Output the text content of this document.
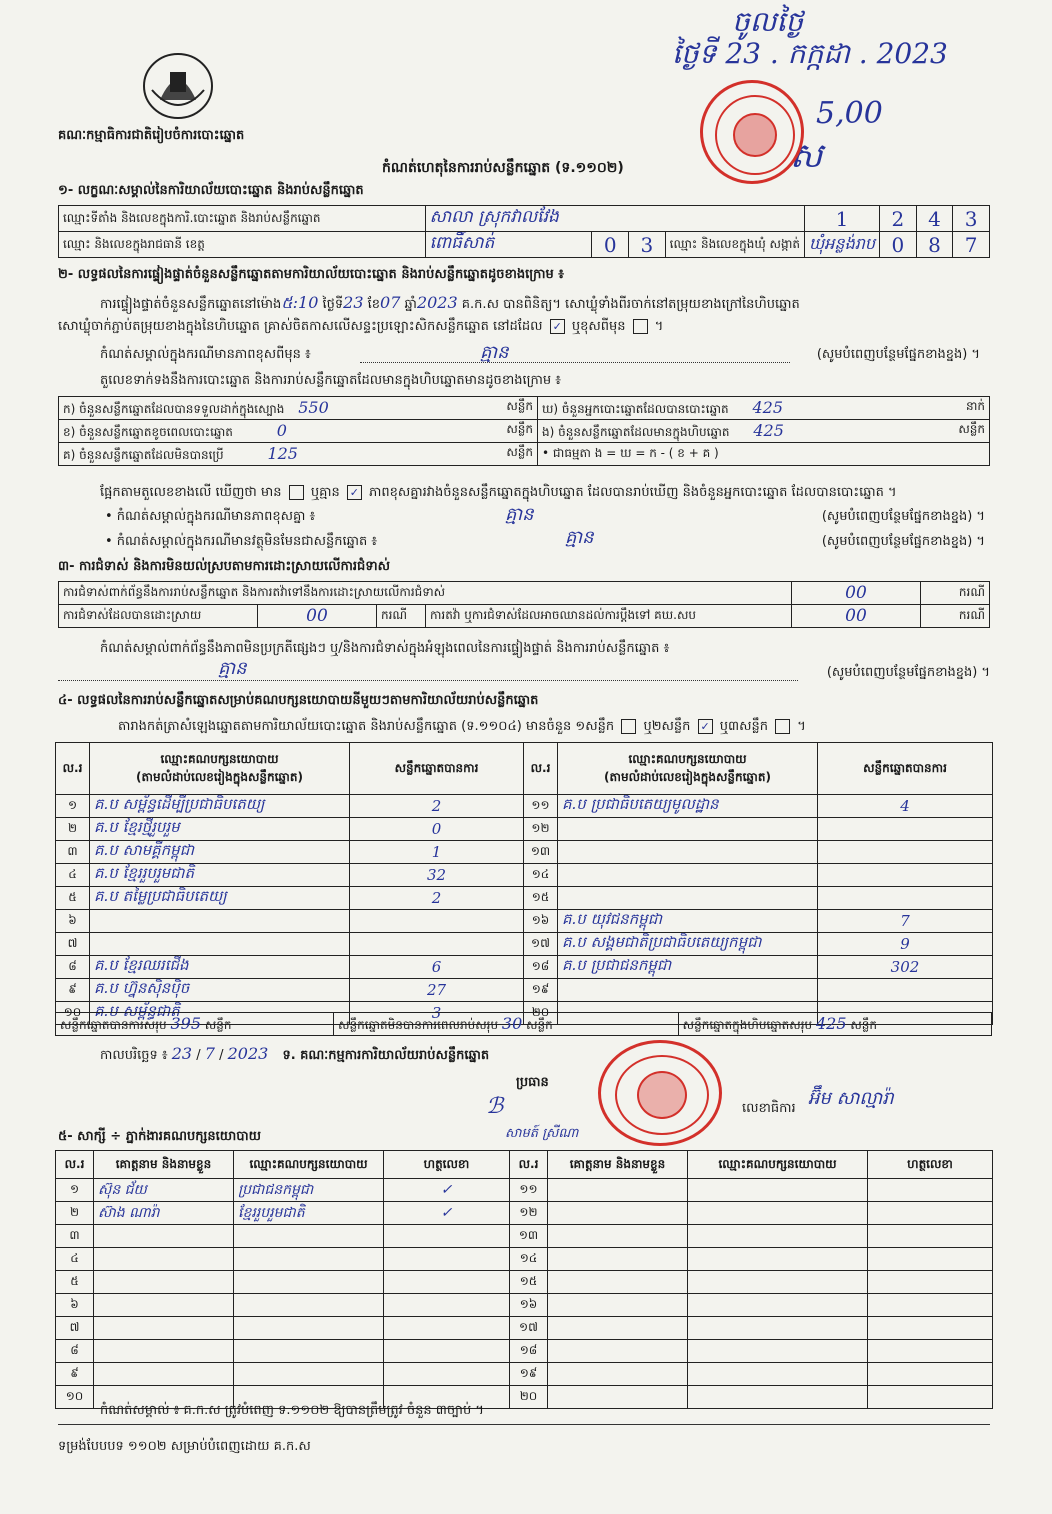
គណៈកម្មាធិការជាតិរៀបចំការបោះឆ្នោត
ចូលថ្ងៃ
ថ្ងៃទី 23 . កក្កដា . 2023
5,00
ស
កំណត់ហេតុនៃការរាប់សន្លឹកឆ្នោត (ទ.១១០២)
១- លក្ខណៈសម្គាល់នៃការិយាល័យបោះឆ្នោត និងរាប់សន្លឹកឆ្នោត
ឈ្មោះទីតាំង និងលេខក្នុងការិ.បោះឆ្នោត និងរាប់សន្លឹកឆ្នោត	សាលា ស្រុកវាលវែង				1	2	4	3
ឈ្មោះ និងលេខក្នុងរាជធានី ខេត្ត	ពោធិ៍សាត់	0	3	ឈ្មោះ និងលេខក្នុងឃុំ សង្កាត់	ឃុំអន្លង់រាប	0	8	7
២- លទ្ធផលនៃការផ្ទៀងផ្ទាត់ចំនួនសន្លឹកឆ្នោតតាមការិយាល័យបោះឆ្នោត និងរាប់សន្លឹកឆ្នោតដូចខាងក្រោម ៖
ការផ្ទៀងផ្ទាត់ចំនួនសន្លឹកឆ្នោតនៅម៉ោង៥:10 ថ្ងៃទី23 ខែ07 ឆ្នាំ2023 គ.ក.ស បានពិនិត្យ។ សោឃ្លុំទាំងពីរចាក់នៅតម្រុយខាងក្រៅនៃហិបឆ្នោត
សោឃ្លុំចាក់ភ្ជាប់តម្រុយខាងក្នុងនៃហិបឆ្នោត គ្រាស់ចិតកាសលើសន្ទះប្រឡោះសិកសន្លឹកឆ្នោត នៅដដែល ✓ ឬខុសពីមុន  ។
កំណត់សម្គាល់ក្នុងករណីមានភាពខុសពីមុន ៖	គ្មាន	(សូមបំពេញបន្ថែមផ្នែកខាងខ្នង) ។
តួលេខទាក់ទងនឹងការបោះឆ្នោត និងការរាប់សន្លឹកឆ្នោតដែលមានក្នុងហិបឆ្នោតមានដូចខាងក្រោម ៖
ក) ចំនួនសន្លឹកឆ្នោតដែលបានទទួលដាក់ក្នុងស្បោង 550 សន្លឹក	ឃ) ចំនួនអ្នកបោះឆ្នោតដែលបានបោះឆ្នោត 425 នាក់

ខ) ចំនួនសន្លឹកឆ្នោតខូចពេលបោះឆ្នោត 0 សន្លឹក	ង) ចំនួនសន្លឹកឆ្នោតដែលមានក្នុងហិបឆ្នោត 425 សន្លឹក

គ) ចំនួនសន្លឹកឆ្នោតដែលមិនបានប្រើ 125 សន្លឹក	• ជាធម្មតា ង = ឃ = ក - ( ខ + គ )
ផ្អែកតាមតួលេខខាងលើ ឃើញថា មាន ឬគ្មាន ✓ ភាពខុសគ្នារវាងចំនួនសន្លឹកឆ្នោតក្នុងហិបឆ្នោត ដែលបានរាប់ឃើញ និងចំនួនអ្នកបោះឆ្នោត ដែលបានបោះឆ្នោត ។
• កំណត់សម្គាល់ក្នុងករណីមានភាពខុសគ្នា ៖	គ្មាន	(សូមបំពេញបន្ថែមផ្នែកខាងខ្នង) ។
• កំណត់សម្គាល់ក្នុងករណីមានវត្ថុមិនមែនជាសន្លឹកឆ្នោត ៖	គ្មាន	(សូមបំពេញបន្ថែមផ្នែកខាងខ្នង) ។
៣- ការជំទាស់ និងការមិនយល់ស្របតាមការដោះស្រាយលើការជំទាស់
ការជំទាស់ពាក់ព័ន្ធនឹងការរាប់សន្លឹកឆ្នោត និងការតវ៉ាទៅនឹងការដោះស្រាយលើការជំទាស់				00	ករណី
ការជំទាស់ដែលបានដោះស្រាយ	00	ករណី	ការតវ៉ា ឬការជំទាស់ដែលអាចឈានដល់ការប្ដឹងទៅ គឃ.សប	00	ករណី
កំណត់សម្គាល់ពាក់ព័ន្ធនឹងភាពមិនប្រក្រតីផ្សេងៗ ឬ/និងការជំទាស់ក្នុងអំឡុងពេលនៃការផ្ទៀងផ្ទាត់ និងការរាប់សន្លឹកឆ្នោត ៖
គ្មាន	(សូមបំពេញបន្ថែមផ្នែកខាងខ្នង) ។
៤- លទ្ធផលនៃការរាប់សន្លឹកឆ្នោតសម្រាប់គណបក្សនយោបាយនីមួយៗតាមការិយាល័យរាប់សន្លឹកឆ្នោត
តារាងកត់ត្រាសំឡេងឆ្នោតតាមការិយាល័យបោះឆ្នោត និងរាប់សន្លឹកឆ្នោត (ទ.១១០៤) មានចំនួន ១សន្លឹក ឬ២សន្លឹក ✓ ឬ៣សន្លឹក  ។
ល.រ	ឈ្មោះគណបក្សនយោបាយ
(តាមលំដាប់លេខរៀងក្នុងសន្លឹកឆ្នោត)	សន្លឹកឆ្នោតបានការ	ល.រ	ឈ្មោះគណបក្សនយោបាយ
(តាមលំដាប់លេខរៀងក្នុងសន្លឹកឆ្នោត)	សន្លឹកឆ្នោតបានការ
១	គ.ប សម្ព័ន្ធដើម្បីប្រជាធិបតេយ្យ	2	១១	គ.ប ប្រជាធិបតេយ្យមូលដ្ឋាន	4
២	គ.ប ខ្មែរថ្មីរួបរួម	0	១២		
៣	គ.ប សាមគ្គីកម្ពុជា	1	១៣		
៤	គ.ប ខ្មែររួបរួមជាតិ	32	១៤		
៥	គ.ប តម្លៃប្រជាធិបតេយ្យ	2	១៥		
៦			១៦	គ.ប យុវជនកម្ពុជា	7
៧			១៧	គ.ប សង្គមជាតិប្រជាធិបតេយ្យកម្ពុជា	9
៨	គ.ប ខ្មែរឈរជើង	6	១៨	គ.ប ប្រជាជនកម្ពុជា	302
៩	គ.ប ហ្វ៊ុនស៊ិនប៉ិច	27	១៩		
១០	គ.ប សម្ព័ន្ធជាតិ	3	២០		
សន្លឹកឆ្នោតបានការសរុប 395 សន្លឹក	សន្លឹកឆ្នោតមិនបានការពេលរាប់សរុប 30 សន្លឹក	សន្លឹកឆ្នោតក្នុងហិបឆ្នោតសរុប 425 សន្លឹក
កាលបរិច្ឆេទ ៖ 23 / 7 / 2023 ទ. គណៈកម្មការការិយាល័យរាប់សន្លឹកឆ្នោត
ប្រធាន
ℬ
សាមត៍ ស្រីណា
លេខាធិការ អ៊ឹម សាល្មារ៉ា
៥- សាក្សី ÷ ភ្នាក់ងារគណបក្សនយោបាយ
ល.រ	គោត្តនាម និងនាមខ្លួន	ឈ្មោះគណបក្សនយោបាយ	ហត្ថលេខា	ល.រ	គោត្តនាម និងនាមខ្លួន	ឈ្មោះគណបក្សនយោបាយ	ហត្ថលេខា
១	ស៊ុន ជ័យ	ប្រជាជនកម្ពុជា	✓	១១			
២	ស៊ាង ណារ៉ា	ខ្មែររួបរួមជាតិ	✓	១២			
៣				១៣			
៤				១៤			
៥				១៥			
៦				១៦			
៧				១៧			
៨				១៨			
៩				១៩			
១០				២០			
កំណត់សម្គាល់ ៖ គ.ក.ស ត្រូវបំពេញ ទ.១១០២ ឱ្យបានត្រឹមត្រូវ ចំនួន ៣ច្បាប់ ។
ទម្រង់បែបបទ ១១០២ សម្រាប់បំពេញដោយ គ.ក.ស
